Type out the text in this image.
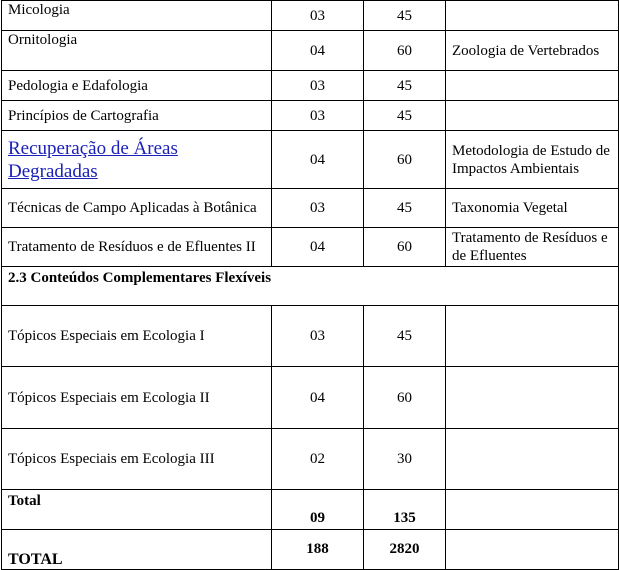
Micologia	03	45	
Ornitologia	04	60	Zoologia de Vertebrados
Pedologia e Edafologia	03	45	
Princípios de Cartografia	03	45	
Recuperação de Áreas Degradadas	04	60	Metodologia de Estudo de Impactos Ambientais
Técnicas de Campo Aplicadas à Botânica	03	45	Taxonomia Vegetal
Tratamento de Resíduos e de Efluentes II	04	60	Tratamento de Resíduos e de Efluentes
2.3 Conteúdos Complementares Flexíveis			
Tópicos Especiais em Ecologia I	03	45	
Tópicos Especiais em Ecologia II	04	60	
Tópicos Especiais em Ecologia III	02	30	
Total	09	135	
TOTAL	188	2820	
